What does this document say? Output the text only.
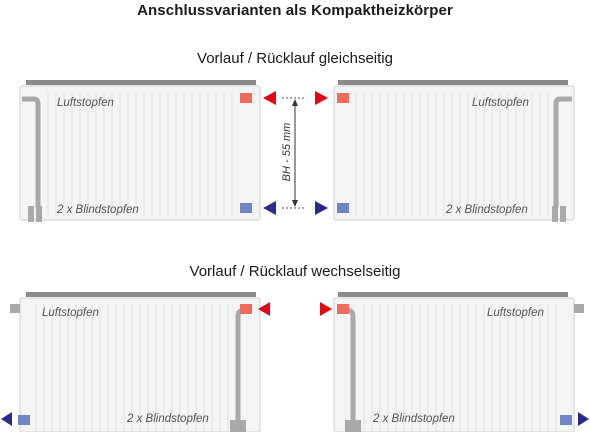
Anschlussvarianten als Kompaktheizkörper
Vorlauf / Rücklauf gleichseitig
Vorlauf / Rücklauf wechselseitig
Luftstopfen
2 x Blindstopfen
Luftstopfen
2 x Blindstopfen
BH - 55 mm
Luftstopfen
2 x Blindstopfen
Luftstopfen
2 x Blindstopfen
